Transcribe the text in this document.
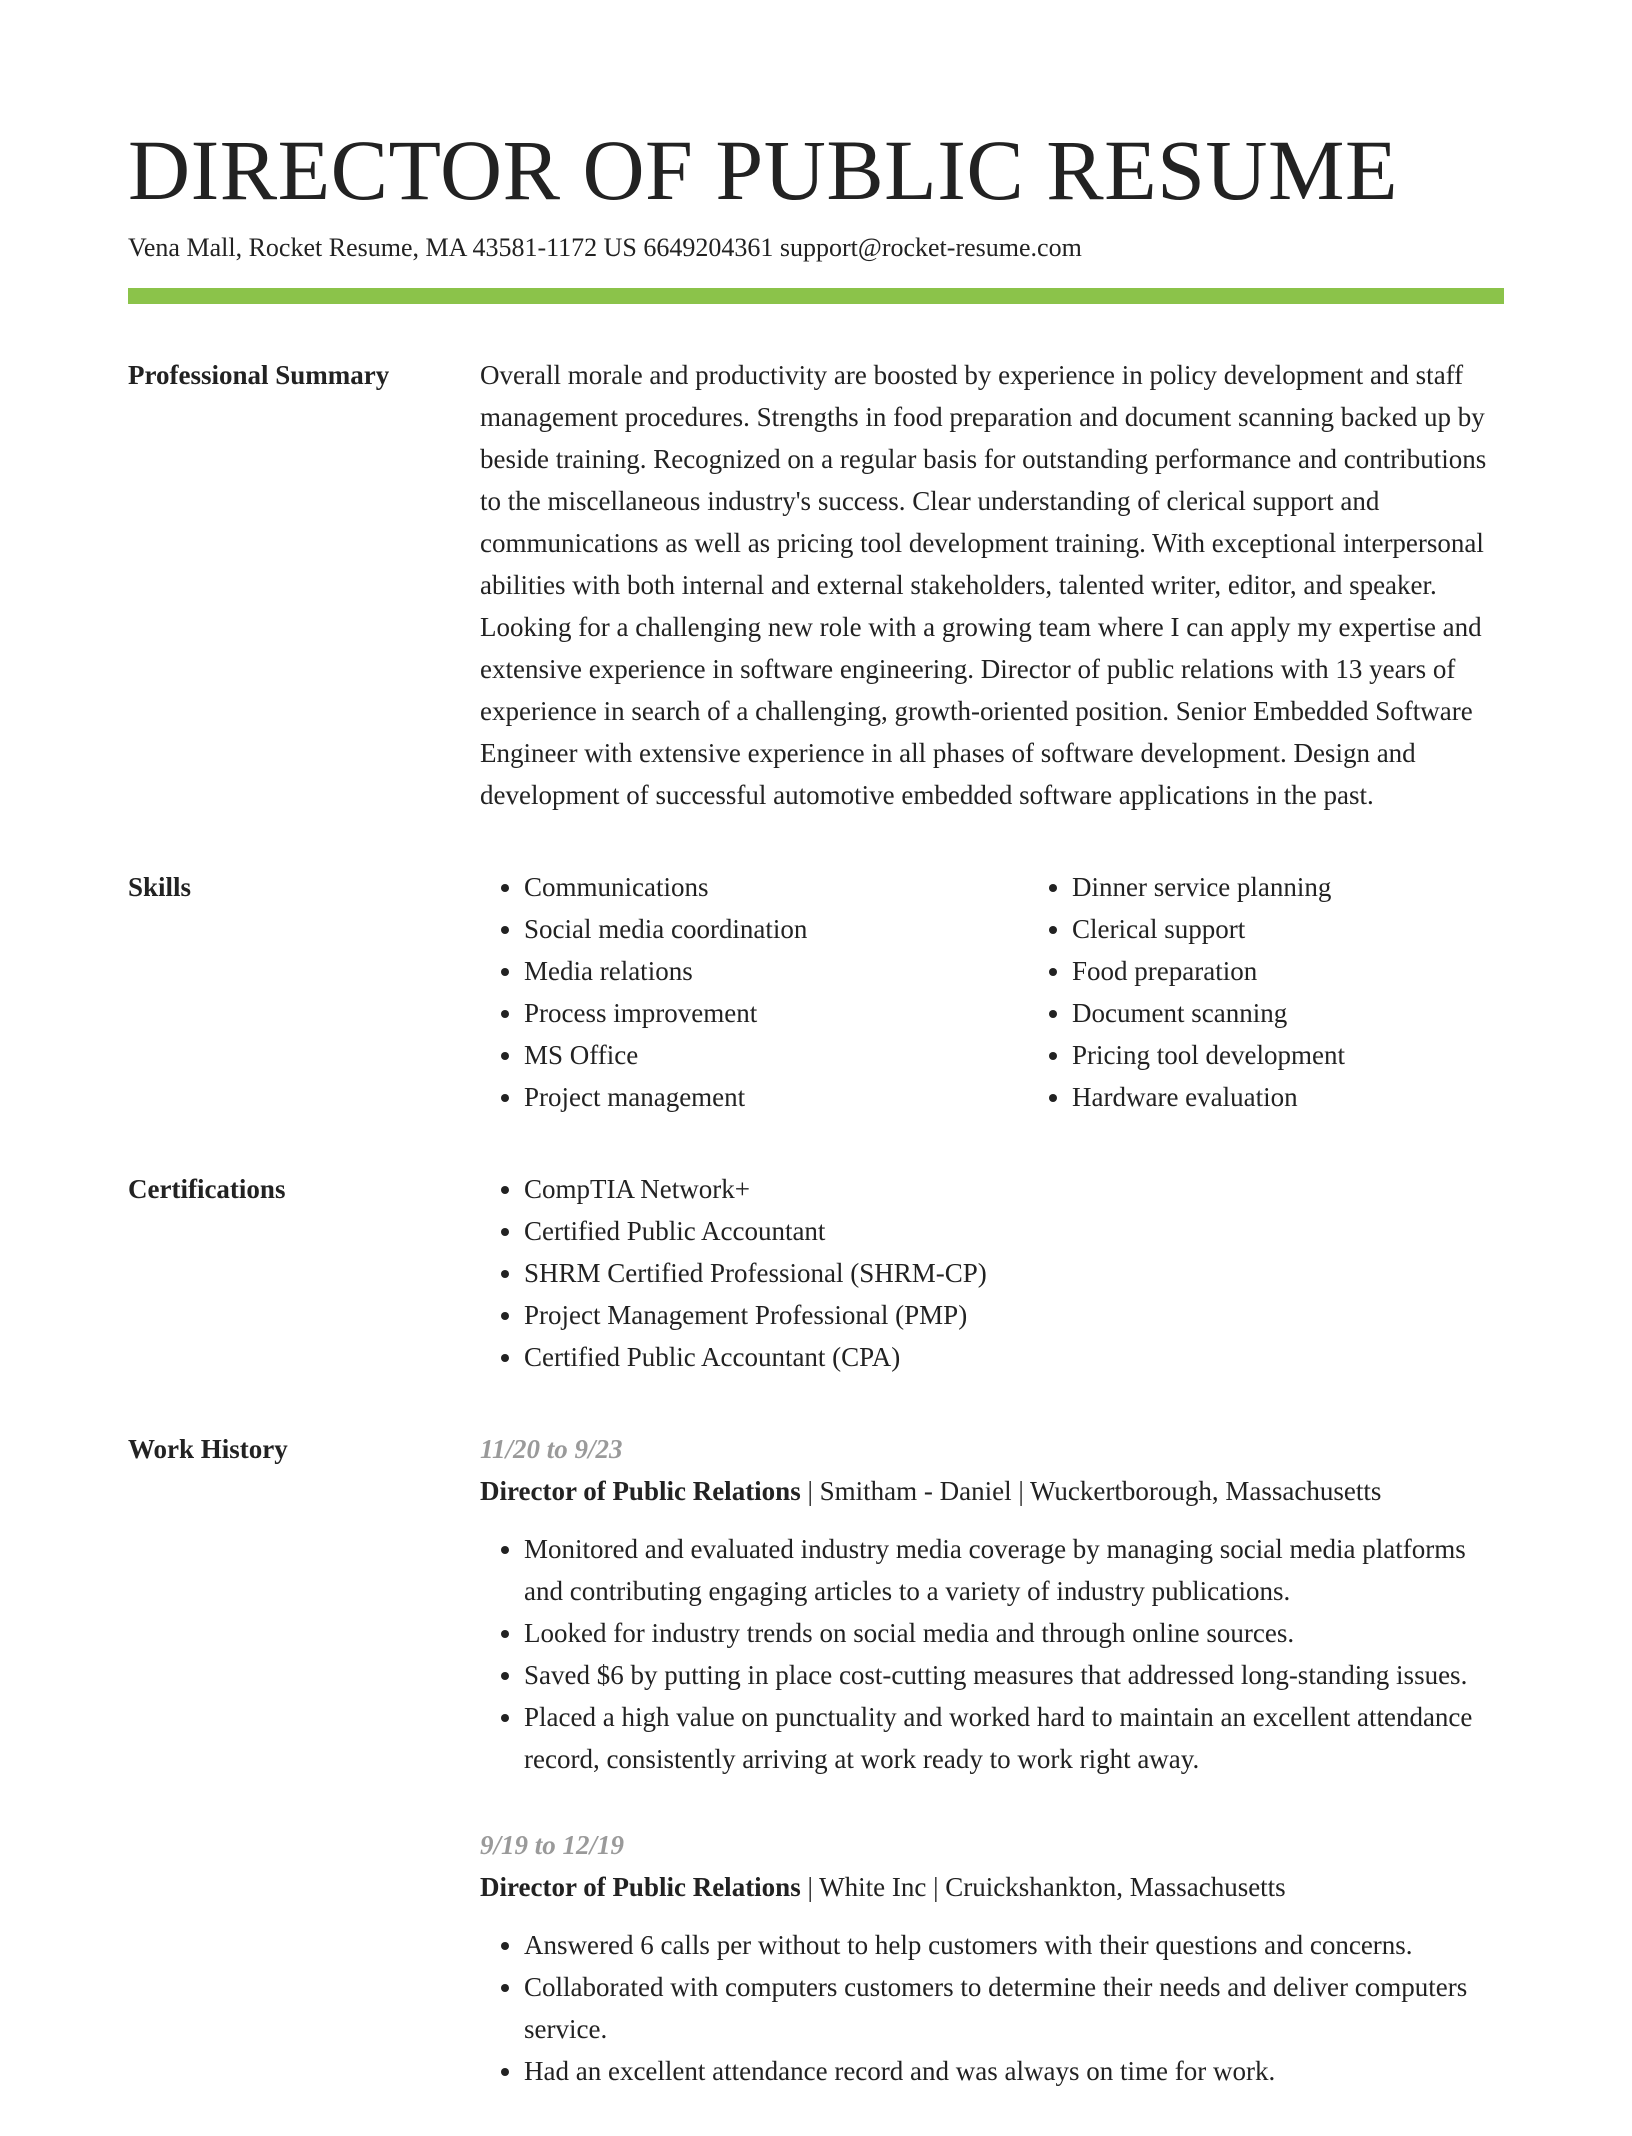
DIRECTOR OF PUBLIC RESUME
Vena Mall, Rocket Resume, MA 43581-1172 US 6649204361 support@rocket-resume.com
Professional Summary	Overall morale and productivity are boosted by experience in policy development and staff management procedures. Strengths in food preparation and document scanning backed up by beside training. Recognized on a regular basis for outstanding performance and contributions to the miscellaneous industry's success. Clear understanding of clerical support and communications as well as pricing tool development training. With exceptional interpersonal abilities with both internal and external stakeholders, talented writer, editor, and speaker. Looking for a challenging new role with a growing team where I can apply my expertise and extensive experience in software engineering. Director of public relations with 13 years of experience in search of a challenging, growth-oriented position. Senior Embedded Software Engineer with extensive experience in all phases of software development. Design and development of successful automotive embedded software applications in the past.

Skills	• Communications
• Social media coordination
• Media relations
• Process improvement
• MS Office
• Project management
• Dinner service planning
• Clerical support
• Food preparation
• Document scanning
• Pricing tool development
• Hardware evaluation
Certifications	• CompTIA Network+
• Certified Public Accountant
• SHRM Certified Professional (SHRM-CP)
• Project Management Professional (PMP)
• Certified Public Accountant (CPA)
Work History	11/20 to 9/23
Director of Public Relations | Smitham - Daniel | Wuckertborough, Massachusetts
• Monitored and evaluated industry media coverage by managing social media platforms and contributing engaging articles to a variety of industry publications.
• Looked for industry trends on social media and through online sources.
• Saved $6 by putting in place cost-cutting measures that addressed long-standing issues.
• Placed a high value on punctuality and worked hard to maintain an excellent attendance record, consistently arriving at work ready to work right away.
9/19 to 12/19
Director of Public Relations | White Inc | Cruickshankton, Massachusetts
• Answered 6 calls per without to help customers with their questions and concerns.
• Collaborated with computers customers to determine their needs and deliver computers service.
• Had an excellent attendance record and was always on time for work.
